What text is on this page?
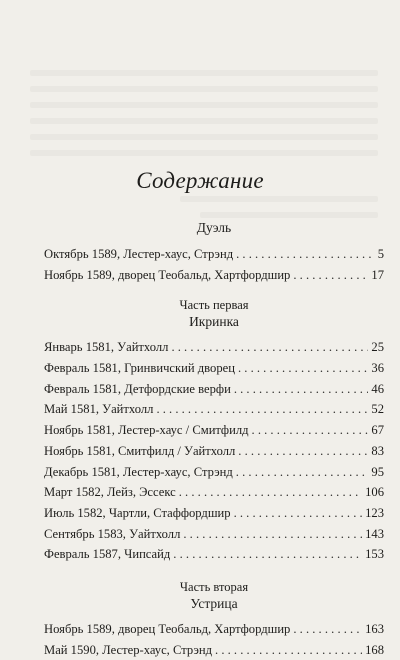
Содержание
Дуэль
Октябрь 1589, Лестер-хаус, Стрэнд . . .	5
Ноябрь 1589, дворец Теобальд, Хартфордшир . . .	17
Часть первая
Икринка
Январь 1581, Уайтхолл . . .	25
Февраль 1581, Гринвичский дворец . . .	36
Февраль 1581, Детфордские верфи . . .	46
Май 1581, Уайтхолл . . .	52
Ноябрь 1581, Лестер-хаус / Смитфилд . . .	67
Ноябрь 1581, Смитфилд / Уайтхолл . . .	83
Декабрь 1581, Лестер-хаус, Стрэнд . . .	95
Март 1582, Лейз, Эссекс . . .	106
Июль 1582, Чартли, Стаффордшир . . .	123
Сентябрь 1583, Уайтхолл . . .	143
Февраль 1587, Чипсайд . . .	153
Часть вторая
Устрица
Ноябрь 1589, дворец Теобальд, Хартфордшир . . .	163
Май 1590, Лестер-хаус, Стрэнд . . .	168
